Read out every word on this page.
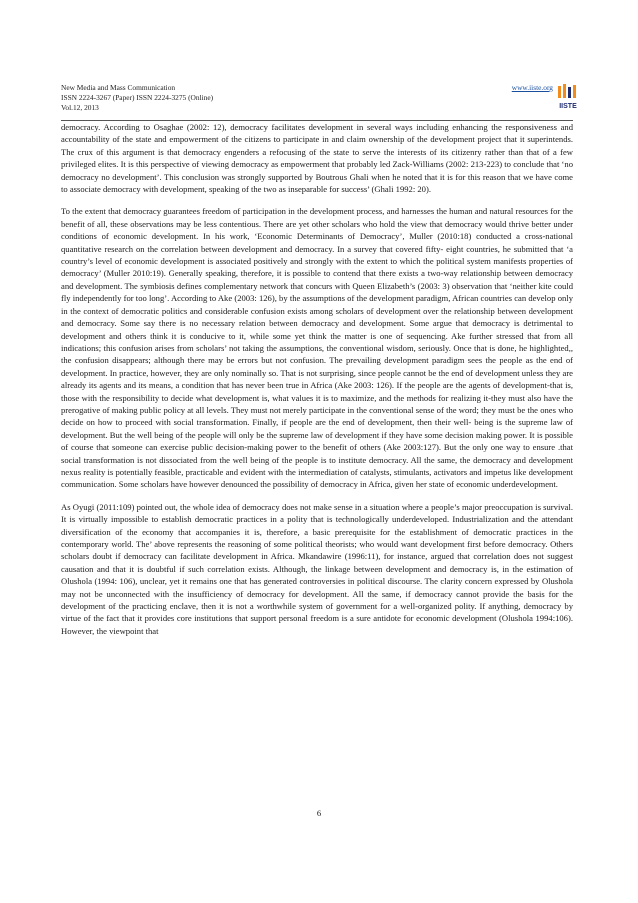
New Media and Mass Communication
ISSN 2224-3267 (Paper) ISSN 2224-3275 (Online)
Vol.12, 2013
www.iiste.org
IISTE

democracy. According to Osaghae (2002: 12), democracy facilitates development in several ways including enhancing the responsiveness and accountability of the state and empowerment of the citizens to participate in and claim ownership of the development project that it superintends. The crux of this argument is that democracy engenders a refocusing of the state to serve the interests of its citizenry rather than that of a few privileged elites. It is this perspective of viewing democracy as empowerment that probably led Zack-Williams (2002: 213-223) to conclude that ‘no democracy no development’. This conclusion was strongly supported by Boutrous Ghali when he noted that it is for this reason that we have come to associate democracy with development, speaking of the two as inseparable for success’ (Ghali 1992: 20).

To the extent that democracy guarantees freedom of participation in the development process, and harnesses the human and natural resources for the benefit of all, these observations may be less contentious. There are yet other scholars who hold the view that democracy would thrive better under conditions of economic development. In his work, ‘Economic Determinants of Democracy’, Muller (2010:18) conducted a cross-national quantitative research on the correlation between development and democracy. In a survey that covered fifty- eight countries, he submitted that ‘a country’s level of economic development is associated positively and strongly with the extent to which the political system manifests properties of democracy’ (Muller 2010:19). Generally speaking, therefore, it is possible to contend that there exists a two-way relationship between democracy and development. The symbiosis defines complementary network that concurs with Queen Elizabeth’s (2003: 3) observation that ‘neither kite could fly independently for too long’. According to Ake (2003: 126), by the assumptions of the development paradigm, African countries can develop only in the context of democratic politics and considerable confusion exists among scholars of development over the relationship between development and democracy. Some say there is no necessary relation between democracy and development. Some argue that democracy is detrimental to development and others think it is conducive to it, while some yet think the matter is one of sequencing. Ake further stressed that from all indications; this confusion arises from scholars’ not taking the assumptions, the conventional wisdom, seriously. Once that is done, he highlighted,, the confusion disappears; although there may be errors but not confusion. The prevailing development paradigm sees the people as the end of development. In practice, however, they are only nominally so. That is not surprising, since people cannot be the end of development unless they are already its agents and its means, a condition that has never been true in Africa (Ake 2003: 126). If the people are the agents of development-that is, those with the responsibility to decide what development is, what values it is to maximize, and the methods for realizing it-they must also have the prerogative of making public policy at all levels. They must not merely participate in the conventional sense of the word; they must be the ones who decide on how to proceed with social transformation. Finally, if people are the end of development, then their well- being is the supreme law of development. But the well being of the people will only be the supreme law of development if they have some decision making power. It is possible of course that someone can exercise public decision-making power to the benefit of others (Ake 2003:127). But the only one way to ensure .that social transformation is not dissociated from the well being of the people is to institute democracy. All the same, the democracy and development nexus reality is potentially feasible, practicable and evident with the intermediation of catalysts, stimulants, activators and impetus like development communication. Some scholars have however denounced the possibility of democracy in Africa, given her state of economic underdevelopment.

As Oyugi (2011:109) pointed out, the whole idea of democracy does not make sense in a situation where a people’s major preoccupation is survival. It is virtually impossible to establish democratic practices in a polity that is technologically underdeveloped. Industrialization and the attendant diversification of the economy that accompanies it is, therefore, a basic prerequisite for the establishment of democratic practices in the contemporary world. The’ above represents the reasoning of some political theorists; who would want development first before democracy. Others scholars doubt if democracy can facilitate development in Africa. Mkandawire (1996:11), for instance, argued that correlation does not suggest causation and that it is doubtful if such correlation exists. Although, the linkage between development and democracy is, in the estimation of Olushola (1994: 106), unclear, yet it remains one that has generated controversies in political discourse. The clarity concern expressed by Olushola may not be unconnected with the insufficiency of democracy for development. All the same, if democracy cannot provide the basis for the development of the practicing enclave, then it is not a worthwhile system of government for a well-organized polity. If anything, democracy by virtue of the fact that it provides core institutions that support personal freedom is a sure antidote for economic development (Olushola 1994:106). However, the viewpoint that

6
